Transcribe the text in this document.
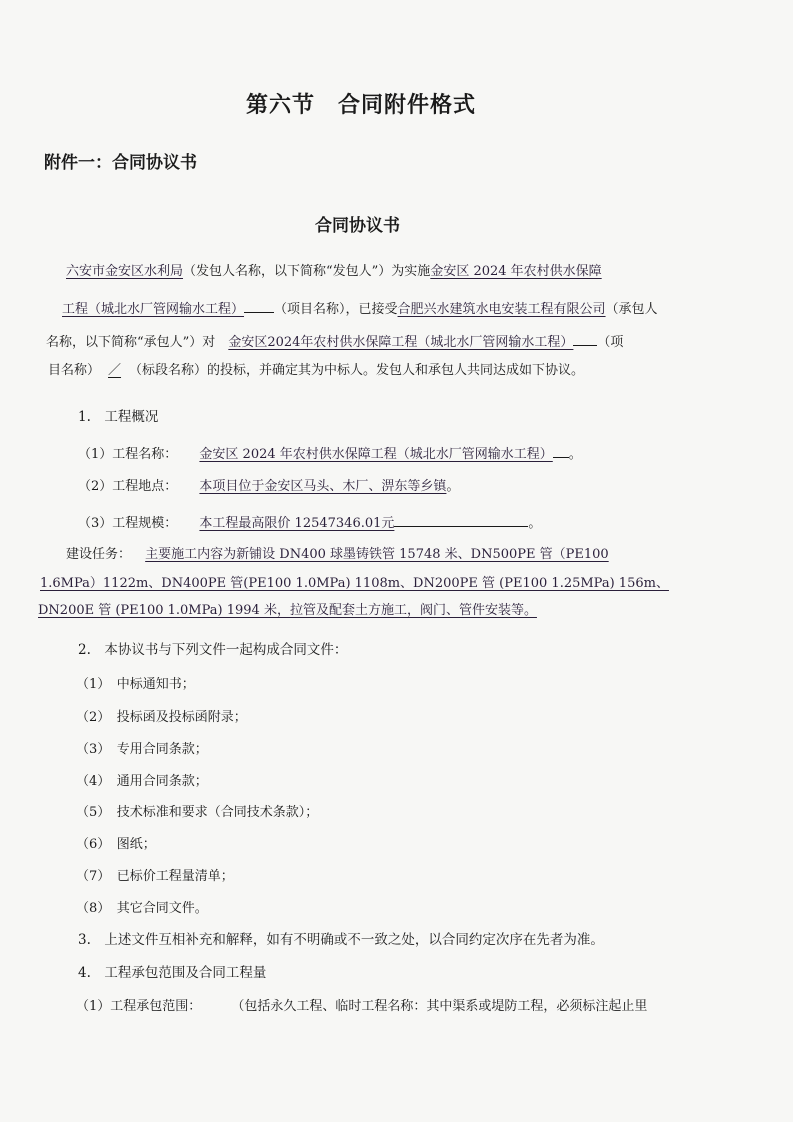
第六节　合同附件格式
附件一：合同协议书
合同协议书
六安市金安区水利局（发包人名称，以下简称“发包人”）为实施金安区 2024 年农村供水保障
工程（城北水厂管网输水工程） （项目名称），已接受合肥兴水建筑水电安装工程有限公司（承包人
名称，以下简称“承包人”）对　 金安区2024年农村供水保障工程（城北水厂管网输水工程） （项
目名称） ／ （标段名称）的投标，并确定其为中标人。发包人和承包人共同达成如下协议。
1.　工程概况
（1）工程名称： 金安区 2024 年农村供水保障工程（城北水厂管网输水工程） 。
（2）工程地点： 本项目位于金安区马头、木厂、淠东等乡镇。
（3）工程规模： 本工程最高限价 12547346.01元	。
建设任务： 主要施工内容为新铺设 DN400 球墨铸铁管 15748 米、DN500PE 管（PE100
1.6MPa）1122m、DN400PE 管(PE100 1.0MPa) 1108m、DN200PE 管 (PE100 1.25MPa) 156m、
DN200E 管 (PE100 1.0MPa) 1994 米，拉管及配套土方施工，阀门、管件安装等。
2.　本协议书与下列文件一起构成合同文件：
（1）　中标通知书；
（2）　投标函及投标函附录；
（3）　专用合同条款；
（4）　通用合同条款；
（5）　技术标准和要求（合同技术条款）；
（6）　图纸；
（7）　已标价工程量清单；
（8）　其它合同文件。
3.　上述文件互相补充和解释，如有不明确或不一致之处，以合同约定次序在先者为准。
4.　工程承包范围及合同工程量
（1）工程承包范围： （包括永久工程、临时工程名称：其中渠系或堤防工程，必须标注起止里
